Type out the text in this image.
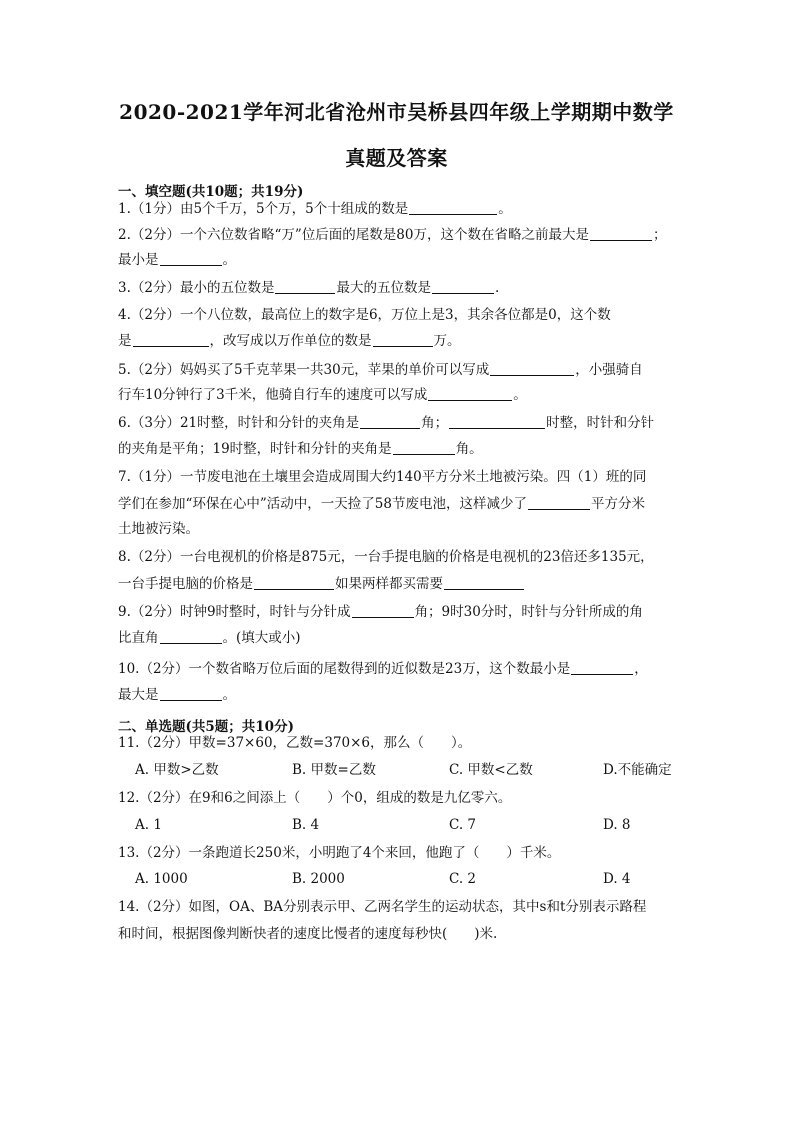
2020-2021学年河北省沧州市吴桥县四年级上学期期中数学
真题及答案
一、填空题(共10题；共19分)
1.（1分）由5个千万，5个万，5个十组成的数是	。
2.（2分）一个六位数省略“万”位后面的尾数是80万，这个数在省略之前最大是	；
最小是	。
3.（2分）最小的五位数是	最大的五位数是	.
4.（2分）一个八位数，最高位上的数字是6，万位上是3，其余各位都是0，这个数
是	，改写成以万作单位的数是	万。
5.（2分）妈妈买了5千克苹果一共30元，苹果的单价可以写成	，小强骑自
行车10分钟行了3千米，他骑自行车的速度可以写成	。
6.（3分）21时整，时针和分针的夹角是	角；	时整，时针和分针
的夹角是平角；19时整，时针和分针的夹角是	角。
7.（1分）一节废电池在土壤里会造成周围大约140平方分米土地被污染。四（1）班的同
学们在参加“环保在心中”活动中，一天捡了58节废电池，这样减少了	平方分米
土地被污染。
8.（2分）一台电视机的价格是875元，一台手提电脑的价格是电视机的23倍还多135元，
一台手提电脑的价格是	如果两样都买需要
9.（2分）时钟9时整时，时针与分针成	角；9时30分时，时针与分针所成的角
比直角	。(填大或小)
10.（2分）一个数省略万位后面的尾数得到的近似数是23万，这个数最小是	，
最大是	。
二、单选题(共5题；共10分)
11.（2分）甲数=37×60，乙数=370×6，那么（　　）。
A. 甲数>乙数	B. 甲数=乙数	C. 甲数<乙数	D.不能确定
12.（2分）在9和6之间添上（　　）个0，组成的数是九亿零六。
A. 1	B. 4	C. 7	D. 8
13.（2分）一条跑道长250米，小明跑了4个来回，他跑了（　　）千米。
A. 1000	B. 2000	C. 2	D. 4
14.（2分）如图，OA、BA分别表示甲、乙两名学生的运动状态，其中s和t分别表示路程
和时间，根据图像判断快者的速度比慢者的速度每秒快(　　)米.
